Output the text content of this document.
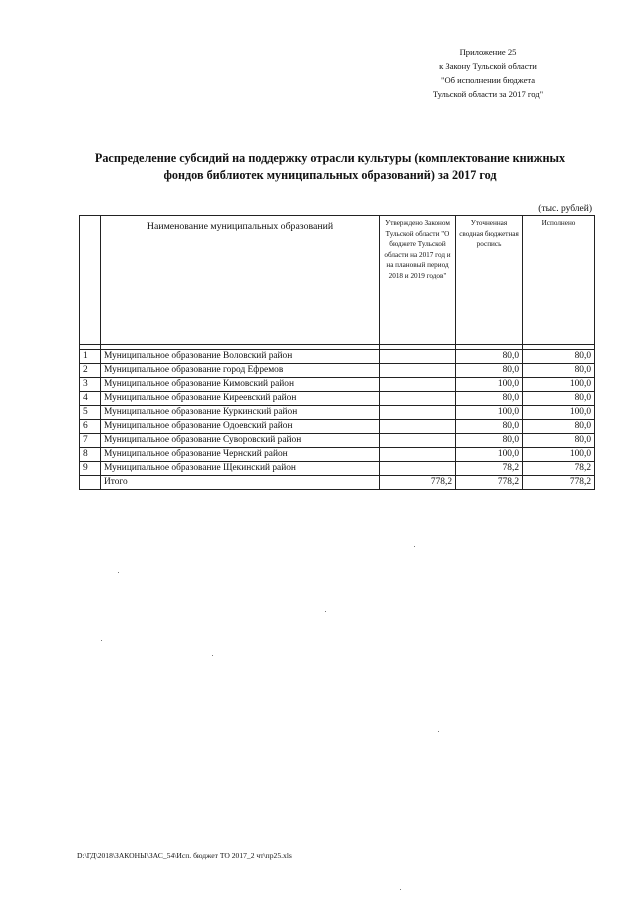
Приложение 25
к Закону Тульской области
"Об исполнении бюджета
Тульской области за 2017 год"
Распределение субсидий на поддержку отрасли культуры (комплектование книжных
фондов библиотек муниципальных образований) за 2017 год
(тыс. рублей)
	Наименование муниципальных образований	Утверждено Законом Тульской области "О бюджете Тульской области на 2017 год и на плановый период 2018 и 2019 годов"	Уточненная сводная бюджетная роспись	Исполнено

1	Муниципальное образование Воловский район		80,0	80,0
2	Муниципальное образование город Ефремов		80,0	80,0
3	Муниципальное образование Кимовский район		100,0	100,0
4	Муниципальное образование Киреевский район		80,0	80,0
5	Муниципальное образование Куркинский район		100,0	100,0
6	Муниципальное образование Одоевский район		80,0	80,0
7	Муниципальное образование Суворовский район		80,0	80,0
8	Муниципальное образование Чернский район		100,0	100,0
9	Муниципальное образование Щекинский район		78,2	78,2
	Итого	778,2	778,2	778,2
D:\ГД\2018\ЗАКОНЫ\ЗАС_54\Исп. бюджет ТО 2017_2 чт\пр25.xls
